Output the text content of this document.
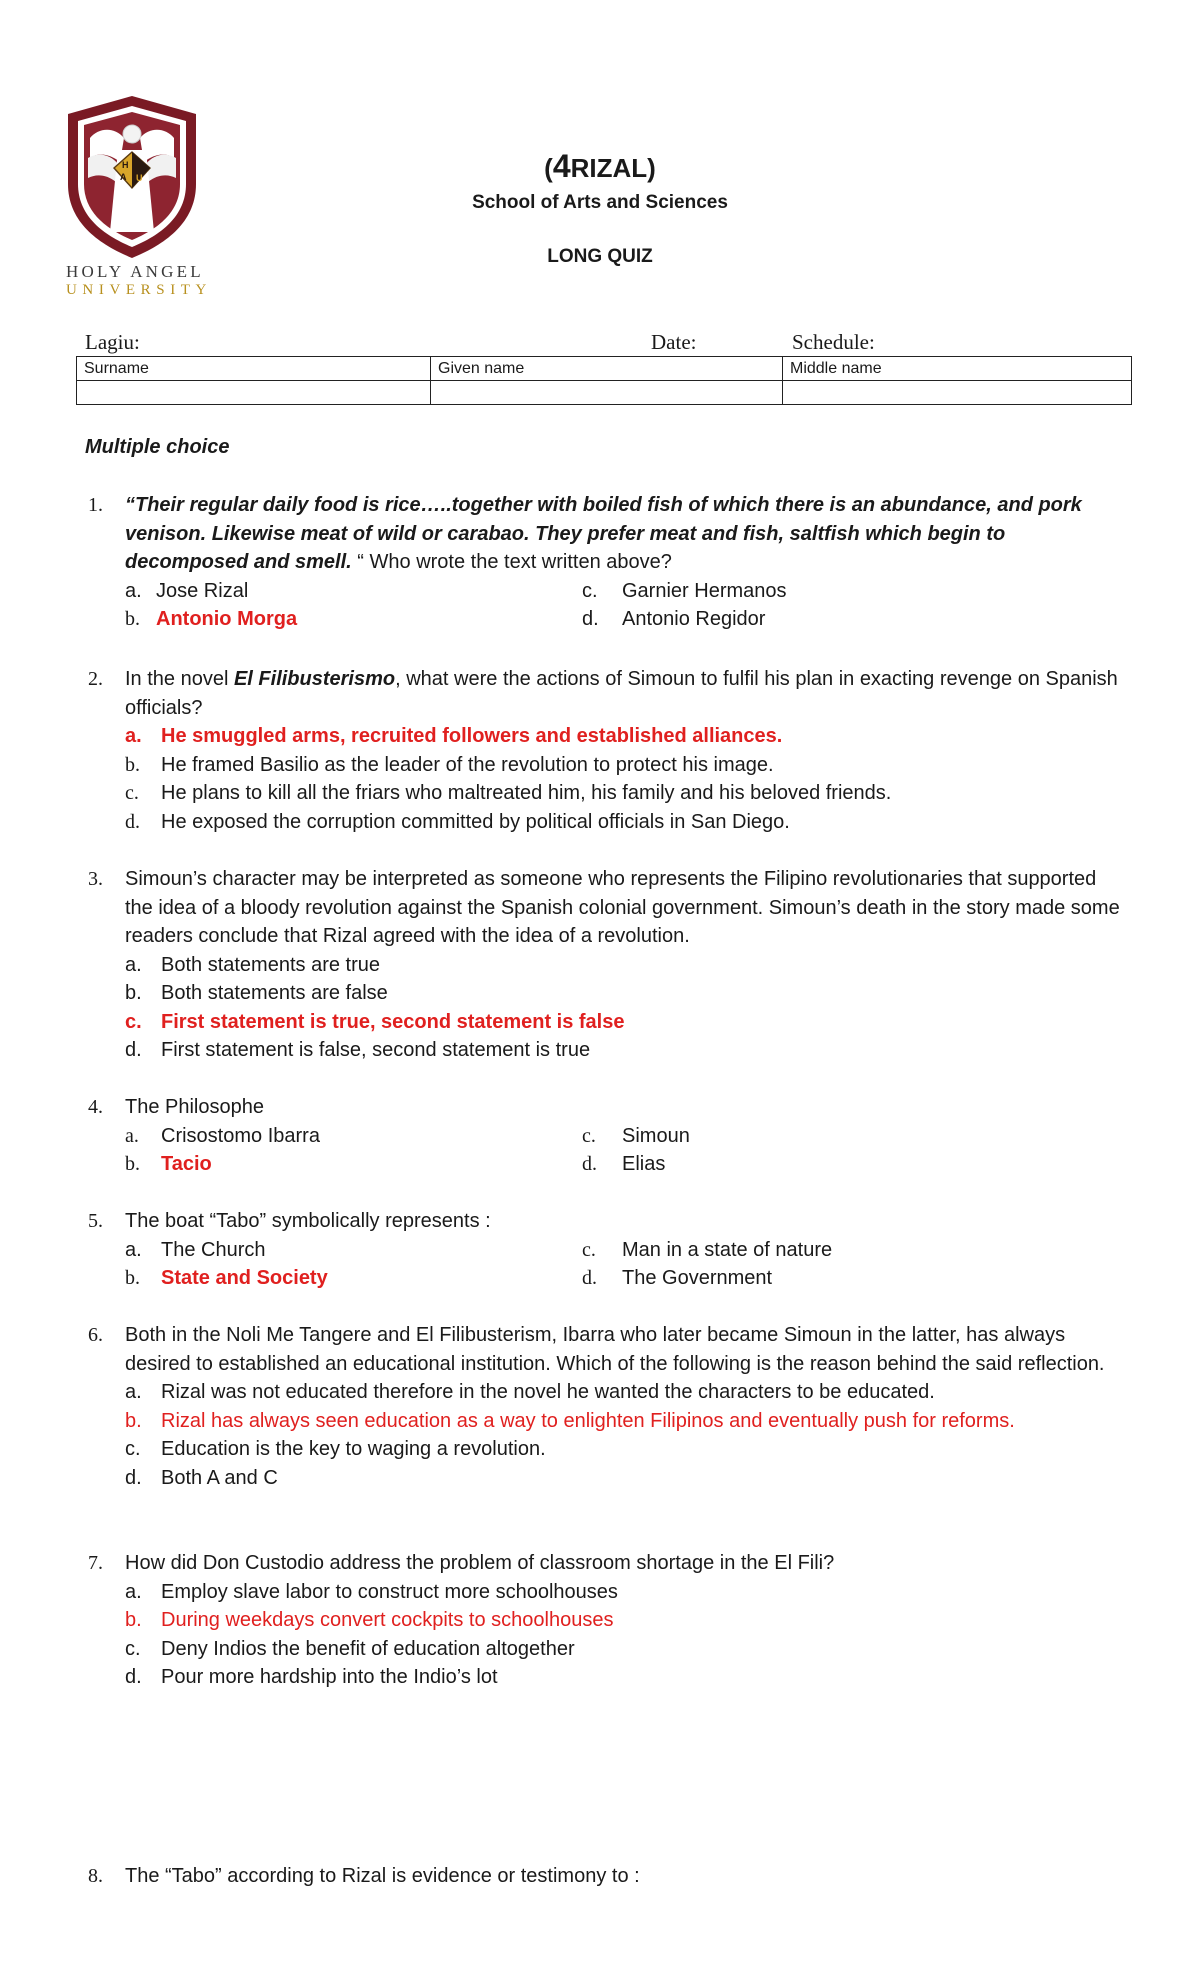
H
A U
HOLY ANGEL
UNIVERSITY
(4RIZAL)
School of Arts and Sciences
LONG QUIZ
Lagiu:	Date:	Schedule:
Surname	Given name	Middle name

Multiple choice
1. “Their regular daily food is rice…..together with boiled fish of which there is an abundance, and pork venison. Likewise meat of wild or carabao. They prefer meat and fish, saltfish which begin to decomposed and smell. “ Who wrote the text written above?
a. Jose Rizal	c. Garnier Hermanos
b. Antonio Morga	d. Antonio Regidor
2. In the novel El Filibusterismo, what were the actions of Simoun to fulfil his plan in exacting revenge on Spanish officials?
a. He smuggled arms, recruited followers and established alliances.
b. He framed Basilio as the leader of the revolution to protect his image.
c. He plans to kill all the friars who maltreated him, his family and his beloved friends.
d. He exposed the corruption committed by political officials in San Diego.
3. Simoun’s character may be interpreted as someone who represents the Filipino revolutionaries that supported the idea of a bloody revolution against the Spanish colonial government. Simoun’s death in the story made some readers conclude that Rizal agreed with the idea of a revolution.
a. Both statements are true
b. Both statements are false
c. First statement is true, second statement is false
d. First statement is false, second statement is true
4. The Philosophe
a. Crisostomo Ibarra	c. Simoun
b. Tacio	d. Elias
5. The boat “Tabo” symbolically represents :
a. The Church	c. Man in a state of nature
b. State and Society	d. The Government
6. Both in the Noli Me Tangere and El Filibusterism, Ibarra who later became Simoun in the latter, has always desired to established an educational institution. Which of the following is the reason behind the said reflection.
a. Rizal was not educated therefore in the novel he wanted the characters to be educated.
b. Rizal has always seen education as a way to enlighten Filipinos and eventually push for reforms.
c. Education is the key to waging a revolution.
d. Both A and C
7. How did Don Custodio address the problem of classroom shortage in the El Fili?
a. Employ slave labor to construct more schoolhouses
b. During weekdays convert cockpits to schoolhouses
c. Deny Indios the benefit of education altogether
d. Pour more hardship into the Indio’s lot
8. The “Tabo” according to Rizal is evidence or testimony to :
